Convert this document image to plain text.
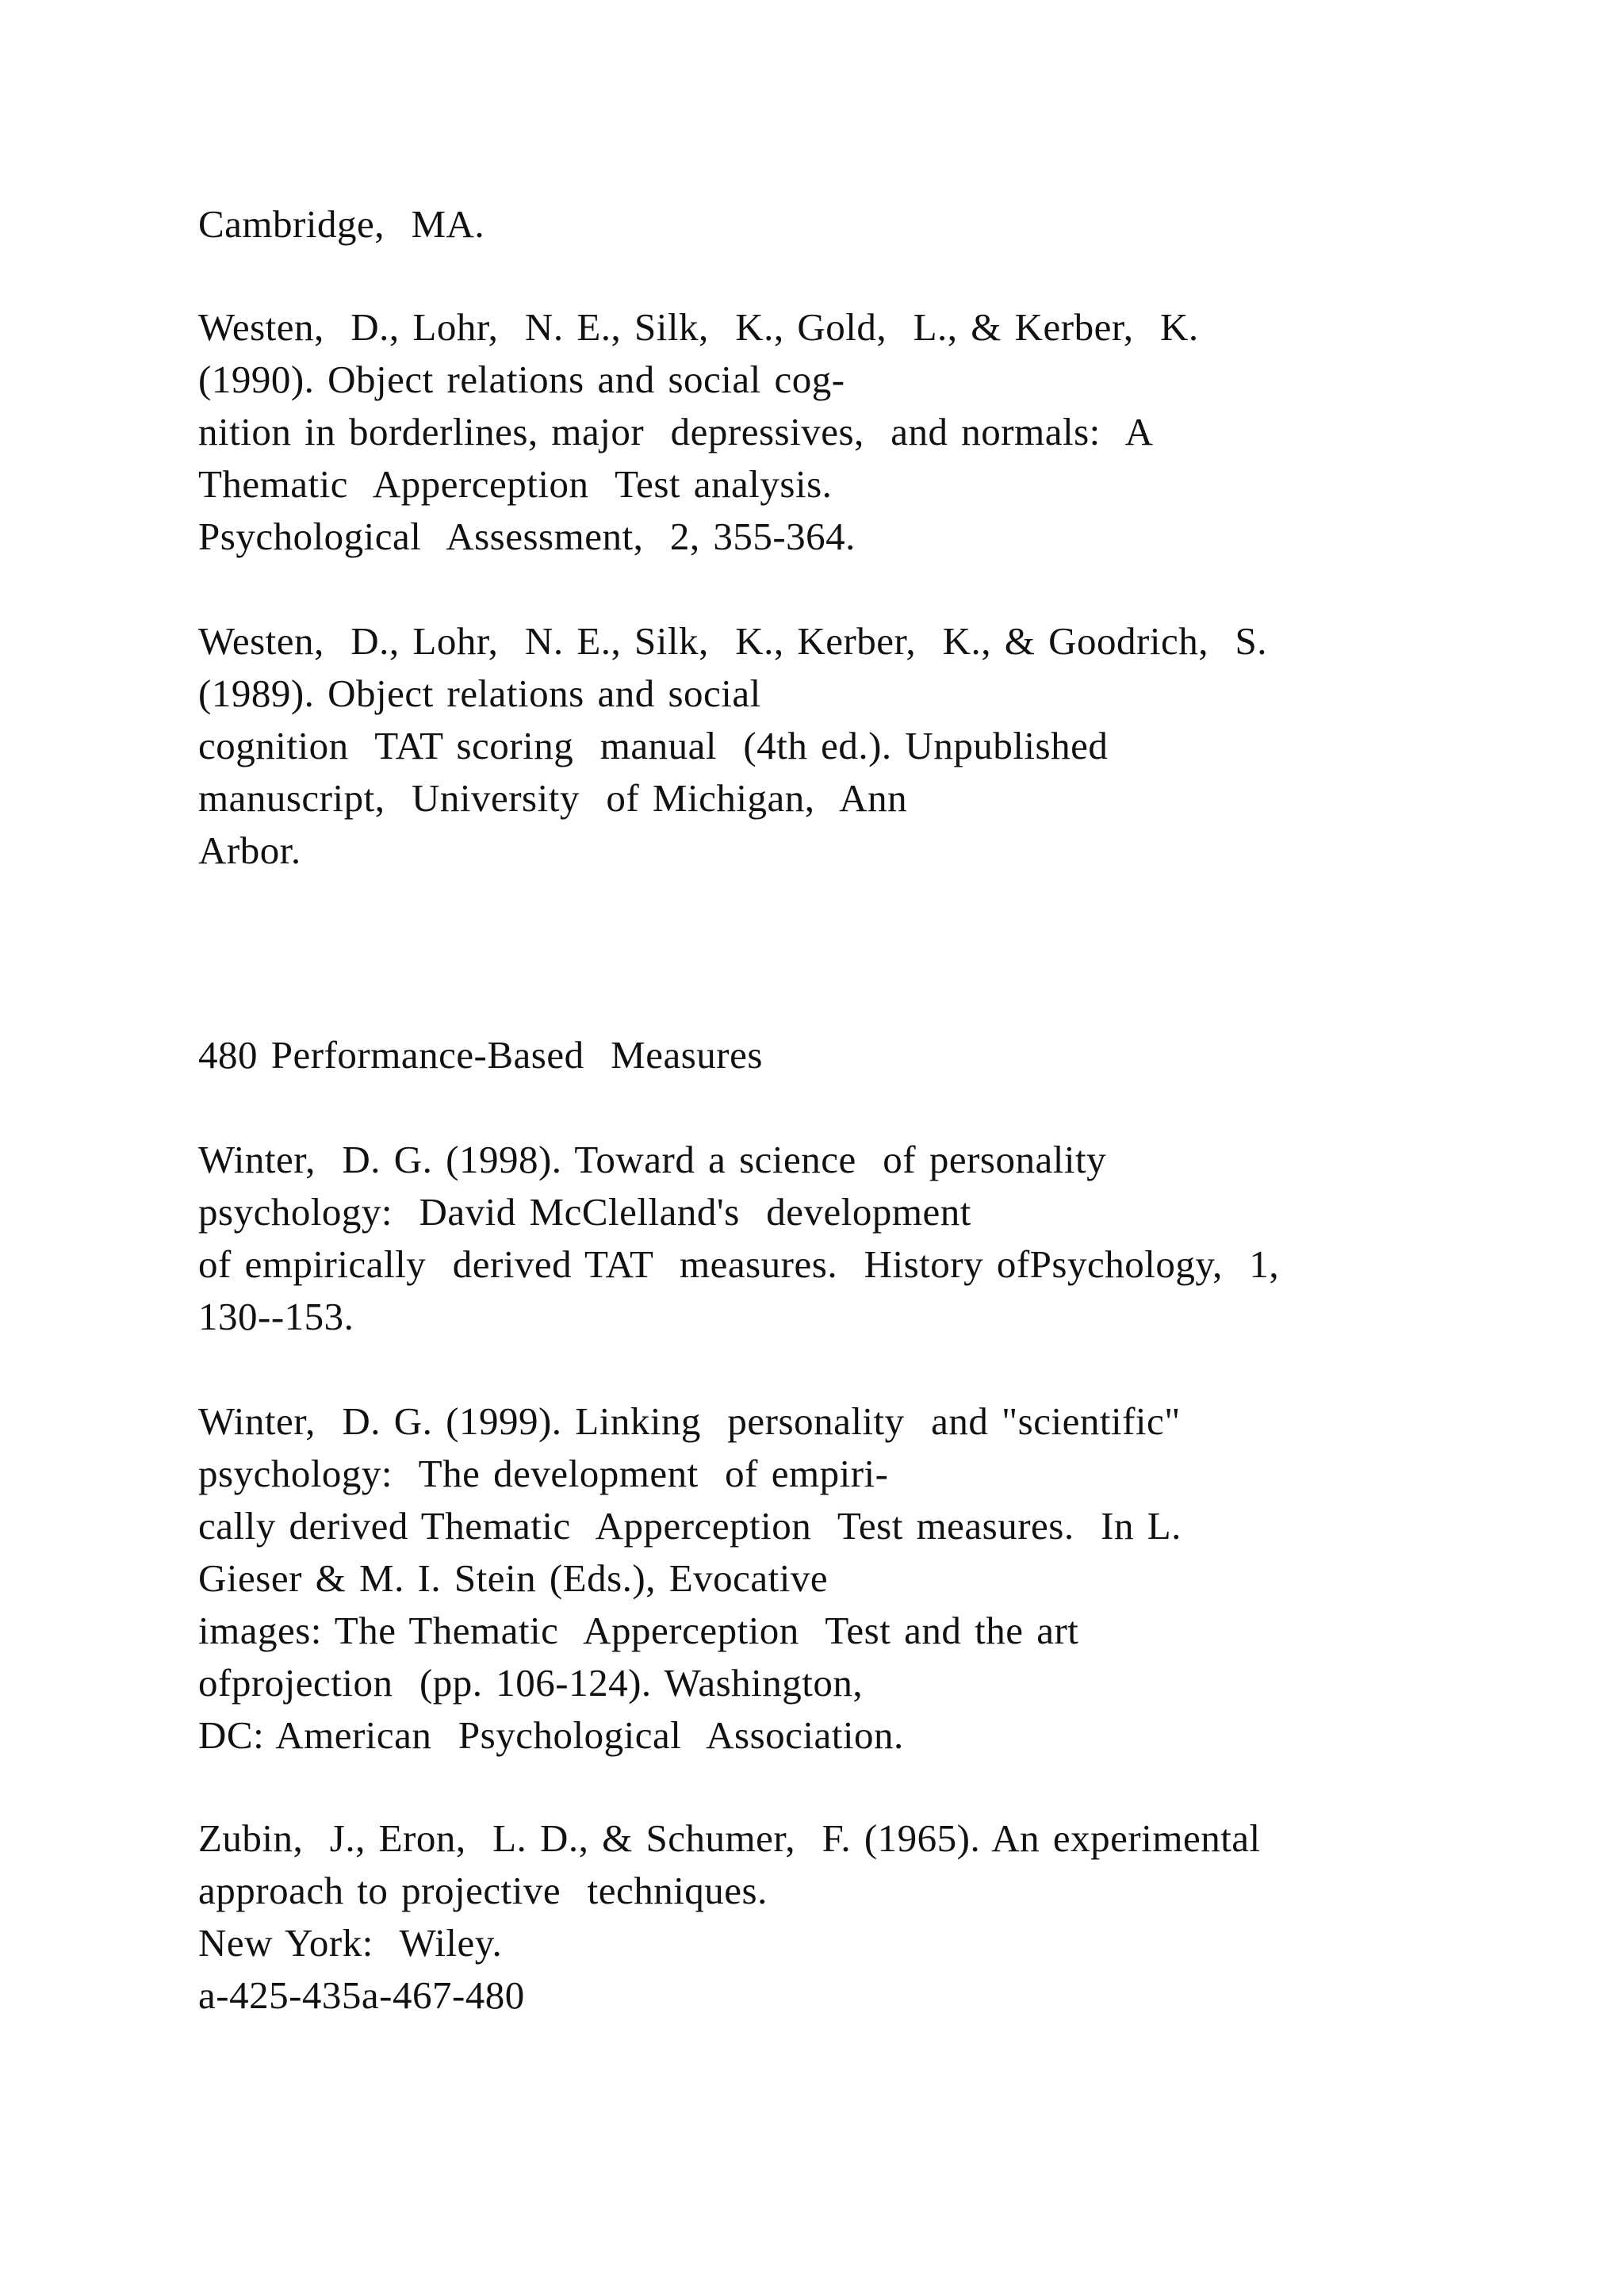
Cambridge,  MA.
Westen,  D., Lohr,  N. E., Silk,  K., Gold,  L., & Kerber,  K.
(1990). Object relations and social cog-
nition in borderlines, major  depressives,  and normals:  A
Thematic  Apperception  Test analysis.
Psychological  Assessment,  2, 355-364.
Westen,  D., Lohr,  N. E., Silk,  K., Kerber,  K., & Goodrich,  S.
(1989). Object relations and social
cognition  TAT scoring  manual  (4th ed.). Unpublished
manuscript,  University  of Michigan,  Ann
Arbor.
480 Performance-Based  Measures
Winter,  D. G. (1998). Toward a science  of personality
psychology:  David McClelland's  development
of empirically  derived TAT  measures.  History ofPsychology,  1,
130--153.
Winter,  D. G. (1999). Linking  personality  and "scientific"
psychology:  The development  of empiri-
cally derived Thematic  Apperception  Test measures.  In L.
Gieser & M. I. Stein (Eds.), Evocative
images: The Thematic  Apperception  Test and the art
ofprojection  (pp. 106-124). Washington,
DC: American  Psychological  Association.
Zubin,  J., Eron,  L. D., & Schumer,  F. (1965). An experimental
approach to projective  techniques.
New York:  Wiley.
a-425-435a-467-480
